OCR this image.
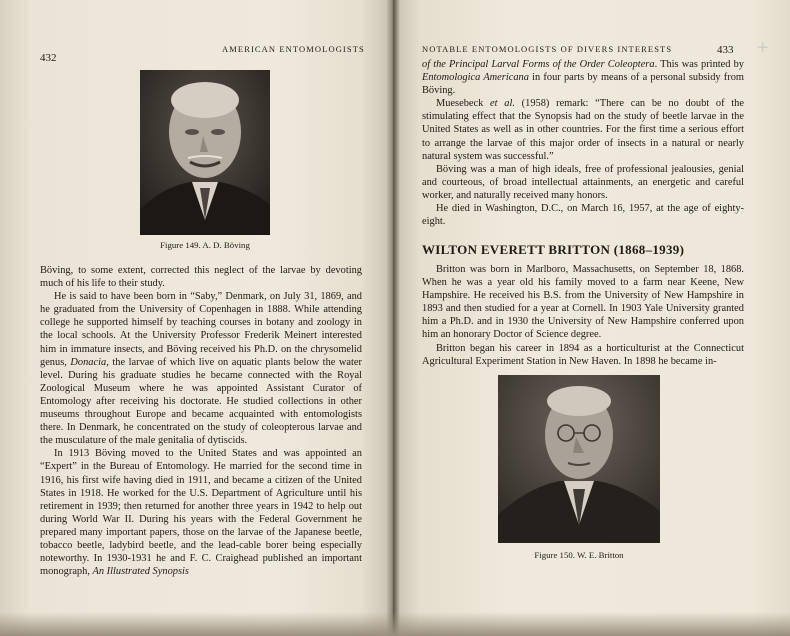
432
AMERICAN ENTOMOLOGISTS
Figure 149. A. D. Böving

Böving, to some extent, corrected this neglect of the larvae by devoting much of his life to their study.

He is said to have been born in “Saby,” Denmark, on July 31, 1869, and he graduated from the University of Copenhagen in 1888. While attending college he supported himself by teaching courses in botany and zoology in the local schools. At the University Professor Frederik Meinert interested him in immature insects, and Böving received his Ph.D. on the chrysomelid genus, Donacia, the larvae of which live on aquatic plants below the water level. During his graduate studies he became connected with the Royal Zoological Museum where he was appointed Assistant Curator of Entomology after receiving his doctorate. He studied collections in other museums throughout Europe and became acquainted with entomologists there. In Denmark, he concentrated on the study of coleopterous larvae and the musculature of the male genitalia of dytiscids.

In 1913 Böving moved to the United States and was appointed an “Expert” in the Bureau of Entomology. He married for the second time in 1916, his first wife having died in 1911, and became a citizen of the United States in 1918. He worked for the U.S. Department of Agriculture until his retirement in 1939; then returned for another three years in 1942 to help out during World War II. During his years with the Federal Government he prepared many important papers, those on the larvae of the Japanese beetle, tobacco beetle, ladybird beetle, and the lead-cable borer being especially noteworthy. In 1930-1931 he and F. C. Craighead published an important monograph, An Illustrated Synopsis

NOTABLE ENTOMOLOGISTS OF DIVERS INTERESTS	433

of the Principal Larval Forms of the Order Coleoptera. This was printed by Entomologica Americana in four parts by means of a personal subsidy from Böving.

Muesebeck et al. (1958) remark: “There can be no doubt of the stimulating effect that the Synopsis had on the study of beetle larvae in the United States as well as in other countries. For the first time a serious effort to arrange the larvae of this major order of insects in a natural or nearly natural system was successful.”

Böving was a man of high ideals, free of professional jealousies, genial and courteous, of broad intellectual attainments, an energetic and careful worker, and naturally received many honors.

He died in Washington, D.C., on March 16, 1957, at the age of eighty-eight.

WILTON EVERETT BRITTON (1868–1939)

Britton was born in Marlboro, Massachusetts, on September 18, 1868. When he was a year old his family moved to a farm near Keene, New Hampshire. He received his B.S. from the University of New Hampshire in 1893 and then studied for a year at Cornell. In 1903 Yale University granted him a Ph.D. and in 1930 the University of New Hampshire conferred upon him an honorary Doctor of Science degree.

Britton began his career in 1894 as a horticulturist at the Connecticut Agricultural Experiment Station in New Haven. In 1898 he became in-

Figure 150. W. E. Britton
✕
